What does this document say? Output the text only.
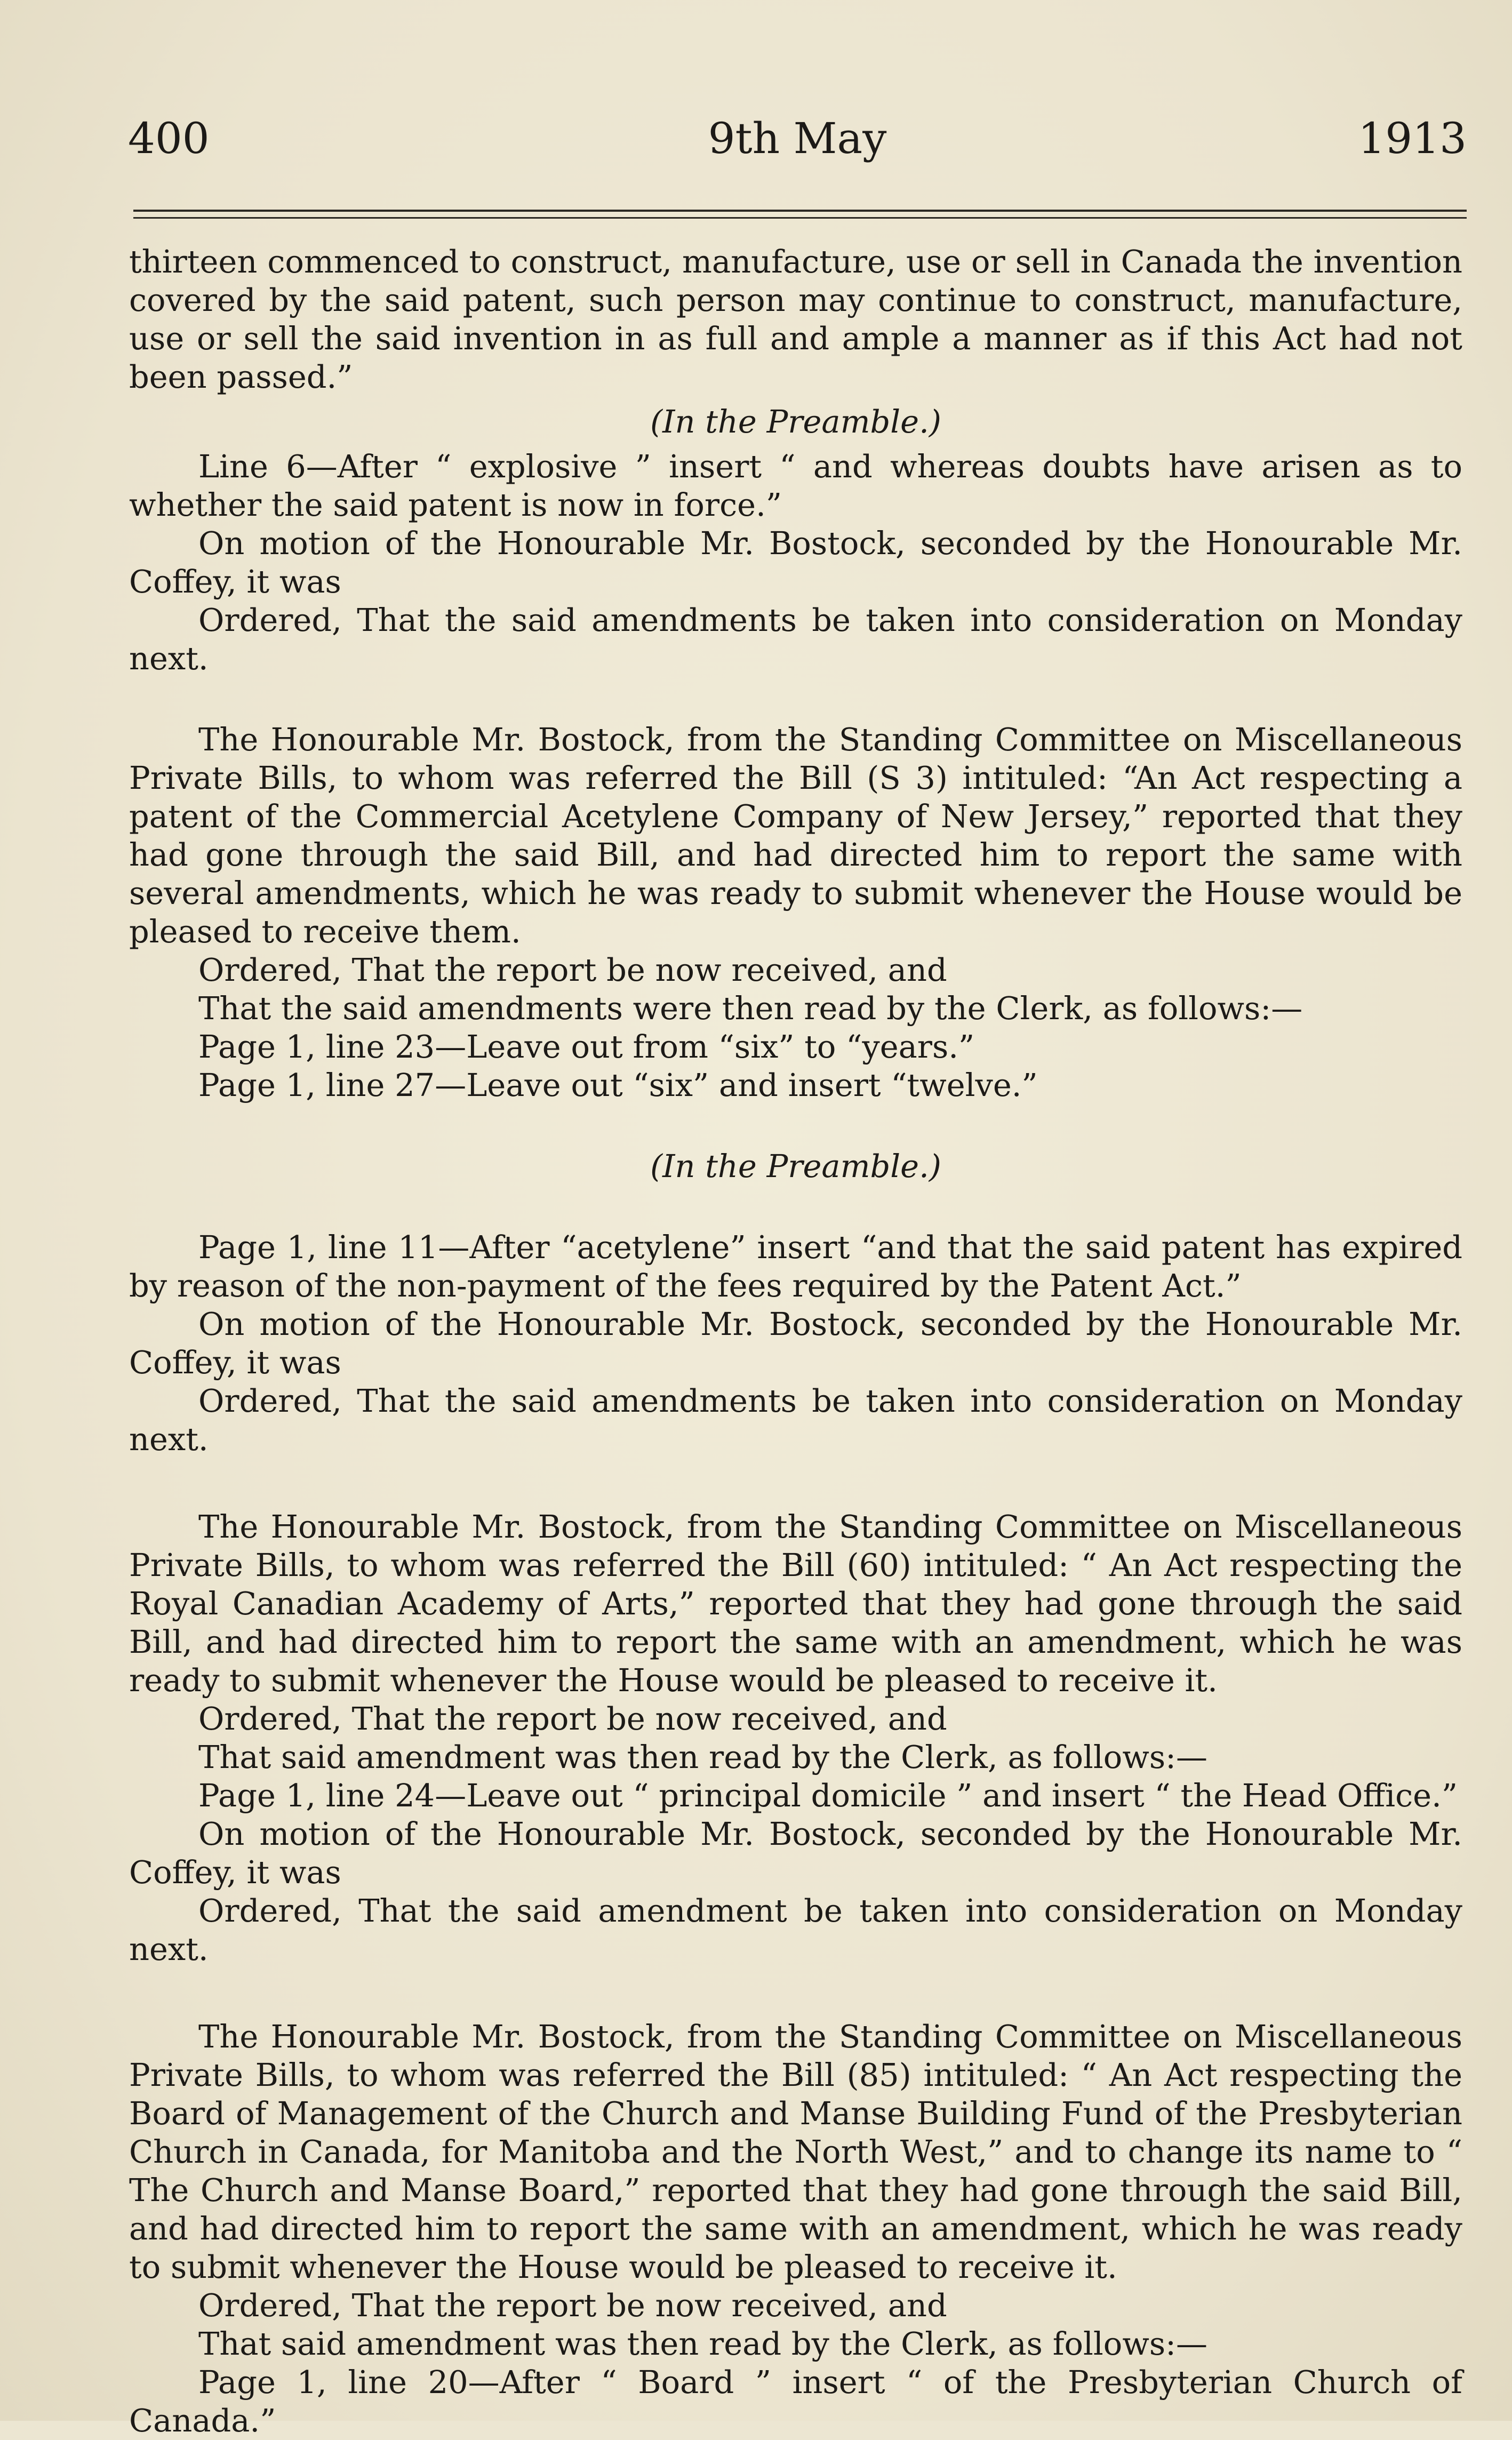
400	9th May	1913

thirteen commenced to construct, manufacture, use or sell in Canada the invention covered by the said patent, such person may continue to construct, manufacture, use or sell the said invention in as full and ample a manner as if this Act had not been passed.”

(In the Preamble.)

Line 6—After “ explosive ” insert “ and whereas doubts have arisen as to whether the said patent is now in force.”

On motion of the Honourable Mr. Bostock, seconded by the Honourable Mr. Coffey, it was

Ordered, That the said amendments be taken into consideration on Monday next.

The Honourable Mr. Bostock, from the Standing Committee on Miscellaneous Private Bills, to whom was referred the Bill (S 3) intituled: “An Act respecting a patent of the Commercial Acetylene Company of New Jersey,” reported that they had gone through the said Bill, and had directed him to report the same with several amendments, which he was ready to submit whenever the House would be pleased to receive them.

Ordered, That the report be now received, and

That the said amendments were then read by the Clerk, as follows:—

Page 1, line 23—Leave out from “six” to “years.”

Page 1, line 27—Leave out “six” and insert “twelve.”

(In the Preamble.)

Page 1, line 11—After “acetylene” insert “and that the said patent has expired by reason of the non-payment of the fees required by the Patent Act.”

On motion of the Honourable Mr. Bostock, seconded by the Honourable Mr. Coffey, it was

Ordered, That the said amendments be taken into consideration on Monday next.

The Honourable Mr. Bostock, from the Standing Committee on Miscellaneous Private Bills, to whom was referred the Bill (60) intituled: “ An Act respecting the Royal Canadian Academy of Arts,” reported that they had gone through the said Bill, and had directed him to report the same with an amendment, which he was ready to submit whenever the House would be pleased to receive it.

Ordered, That the report be now received, and

That said amendment was then read by the Clerk, as follows:—

Page 1, line 24—Leave out “ principal domicile ” and insert “ the Head Office.”

On motion of the Honourable Mr. Bostock, seconded by the Honourable Mr. Coffey, it was

Ordered, That the said amendment be taken into consideration on Monday next.

The Honourable Mr. Bostock, from the Standing Committee on Miscellaneous Private Bills, to whom was referred the Bill (85) intituled: “ An Act respecting the Board of Management of the Church and Manse Building Fund of the Presbyterian Church in Canada, for Manitoba and the North West,” and to change its name to “ The Church and Manse Board,” reported that they had gone through the said Bill, and had directed him to report the same with an amendment, which he was ready to submit whenever the House would be pleased to receive it.

Ordered, That the report be now received, and

That said amendment was then read by the Clerk, as follows:—

Page 1, line 20—After “ Board ” insert “ of the Presbyterian Church of Canada.”
